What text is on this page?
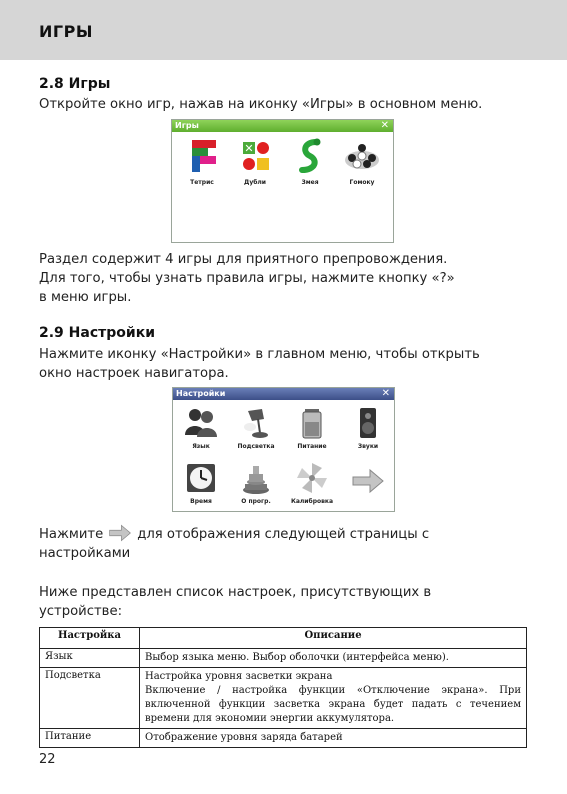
ИГРЫ
2.8 Игры
Откройте окно игр, нажав на иконку «Игры» в основном меню.
Игры	✕
Тетрис
✕
Дубли	Змея	Гомоку
Раздел содержит 4 игры для приятного препровождения.
Для того, чтобы узнать правила игры, нажмите кнопку «?»
в меню игры.
2.9 Настройки
Нажмите иконку «Настройки» в главном меню, чтобы открыть
окно настроек навигатора.
Настройки	✕
Язык	Подсветка	Питание	Звуки
Время	О прогр.	Калибровка
Нажмите	для отображения следующей страницы с
настройками
Ниже представлен список настроек, присутствующих в
устройстве:
Настройка	Описание
Язык	Выбор языка меню. Выбор оболочки (интерфейса меню).
Подсветка	Настройка уровня засветки экрана
Включение / настройка функции «Отключение экрана». При включенной функции засветка экрана будет падать с течением времени для экономии энергии аккумулятора.

Питание	Отображение уровня заряда батарей
22
